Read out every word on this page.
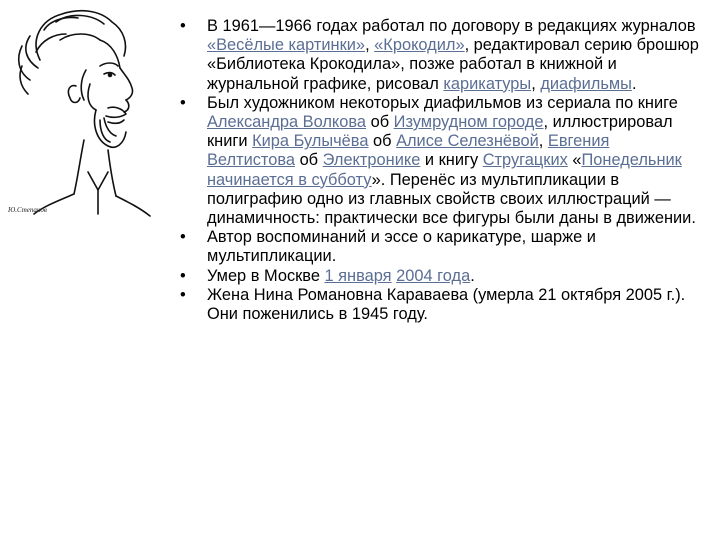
Ю.Степанов
•	В 1961—1966 годах работал по договору в редакциях журналов «Весёлые картинки», «Крокодил», редактировал серию брошюр «Библиотека Крокодила», позже работал в книжной и журнальной графике, рисовал карикатуры, диафильмы.
•	Был художником некоторых диафильмов из сериала по книге Александра Волкова об Изумрудном городе, иллюстрировал книги Кира Булычёва об Алисе Селезнёвой, Евгения Велтистова об Электронике и книгу Стругацких «Понедельник начинается в субботу». Перенёс из мультипликации в полиграфию одно из главных свойств своих иллюстраций — динамичность: практически все фигуры были даны в движении.
•	Автор воспоминаний и эссе о карикатуре, шарже и мультипликации.
•	Умер в Москве 1 января 2004 года.
•	Жена Нина Романовна Караваева (умерла 21 октября 2005 г.). Они поженились в 1945 году.
